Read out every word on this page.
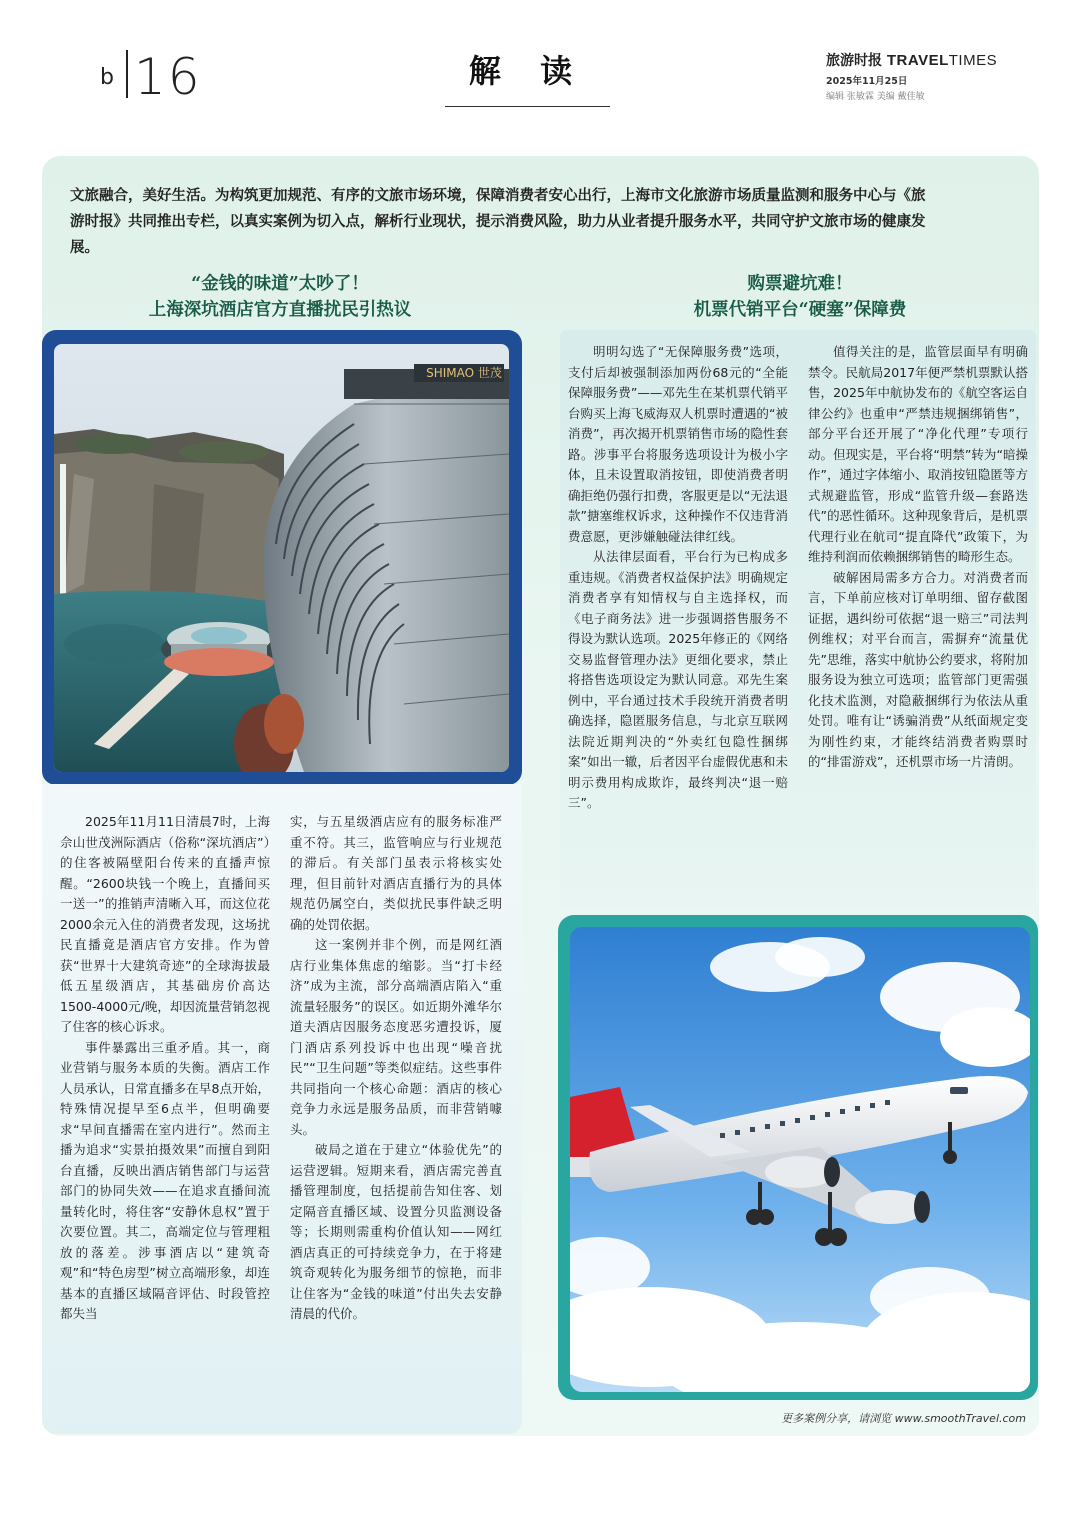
b 16	解 读	旅游时报 TRAVELTIMES
2025年11月25日
编辑 张敏霖 美编 戴佳敏
文旅融合，美好生活。为构筑更加规范、有序的文旅市场环境，保障消费者安心出行，上海市文化旅游市场质量监测和服务中心与《旅游时报》共同推出专栏，以真实案例为切入点，解析行业现状，提示消费风险，助力从业者提升服务水平，共同守护文旅市场的健康发展。
“金钱的味道”太吵了！
上海深坑酒店官方直播扰民引热议
购票避坑难！
机票代销平台“硬塞”保障费
SHIMAO 世茂

2025年11月11日清晨7时，上海佘山世茂洲际酒店（俗称“深坑酒店”）的住客被隔壁阳台传来的直播声惊醒。“2600块钱一个晚上，直播间买一送一”的推销声清晰入耳，而这位花2000余元入住的消费者发现，这场扰民直播竟是酒店官方安排。作为曾获“世界十大建筑奇迹”的全球海拔最低五星级酒店，其基础房价高达1500-4000元/晚，却因流量营销忽视了住客的核心诉求。

事件暴露出三重矛盾。其一，商业营销与服务本质的失衡。酒店工作人员承认，日常直播多在早8点开始，特殊情况提早至6点半，但明确要求“早间直播需在室内进行”。然而主播为追求“实景拍摄效果”而擅自到阳台直播，反映出酒店销售部门与运营部门的协同失效——在追求直播间流量转化时，将住客“安静休息权”置于次要位置。其二，高端定位与管理粗放的落差。涉事酒店以“建筑奇观”和“特色房型”树立高端形象，却连基本的直播区域隔音评估、时段管控都失当

实，与五星级酒店应有的服务标准严重不符。其三，监管响应与行业规范的滞后。有关部门虽表示将核实处理，但目前针对酒店直播行为的具体规范仍属空白，类似扰民事件缺乏明确的处罚依据。

这一案例并非个例，而是网红酒店行业集体焦虑的缩影。当“打卡经济”成为主流，部分高端酒店陷入“重流量轻服务”的误区。如近期外滩华尔道夫酒店因服务态度恶劣遭投诉，厦门酒店系列投诉中也出现“噪音扰民”“卫生问题”等类似症结。这些事件共同指向一个核心命题：酒店的核心竞争力永远是服务品质，而非营销噱头。

破局之道在于建立“体验优先”的运营逻辑。短期来看，酒店需完善直播管理制度，包括提前告知住客、划定隔音直播区域、设置分贝监测设备等；长期则需重构价值认知——网红酒店真正的可持续竞争力，在于将建筑奇观转化为服务细节的惊艳，而非让住客为“金钱的味道”付出失去安静清晨的代价。

明明勾选了“无保障服务费”选项，支付后却被强制添加两份68元的“全能保障服务费”——邓先生在某机票代销平台购买上海飞威海双人机票时遭遇的“被消费”，再次揭开机票销售市场的隐性套路。涉事平台将服务选项设计为极小字体，且未设置取消按钮，即使消费者明确拒绝仍强行扣费，客服更是以“无法退款”搪塞维权诉求，这种操作不仅违背消费意愿，更涉嫌触碰法律红线。

从法律层面看，平台行为已构成多重违规。《消费者权益保护法》明确规定消费者享有知情权与自主选择权，而《电子商务法》进一步强调搭售服务不得设为默认选项。2025年修正的《网络交易监督管理办法》更细化要求，禁止将搭售选项设定为默认同意。邓先生案例中，平台通过技术手段统开消费者明确选择，隐匿服务信息，与北京互联网法院近期判决的“外卖红包隐性捆绑案”如出一辙，后者因平台虚假优惠和未明示费用构成欺诈，最终判决“退一赔三”。

值得关注的是，监管层面早有明确禁令。民航局2017年便严禁机票默认搭售，2025年中航协发布的《航空客运自律公约》也重申“严禁违规捆绑销售”，部分平台还开展了“净化代理”专项行动。但现实是，平台将“明禁”转为“暗操作”，通过字体缩小、取消按钮隐匿等方式规避监管，形成“监管升级—套路迭代”的恶性循环。这种现象背后，是机票代理行业在航司“提直降代”政策下，为维持利润而依赖捆绑销售的畸形生态。

破解困局需多方合力。对消费者而言，下单前应核对订单明细、留存截图证据，遇纠纷可依据“退一赔三”司法判例维权；对平台而言，需摒弃“流量优先”思维，落实中航协公约要求，将附加服务设为独立可选项；监管部门更需强化技术监测，对隐蔽捆绑行为依法从重处罚。唯有让“诱骗消费”从纸面规定变为刚性约束，才能终结消费者购票时的“排雷游戏”，还机票市场一片清朗。

更多案例分享，请浏览 www.smoothTravel.com
